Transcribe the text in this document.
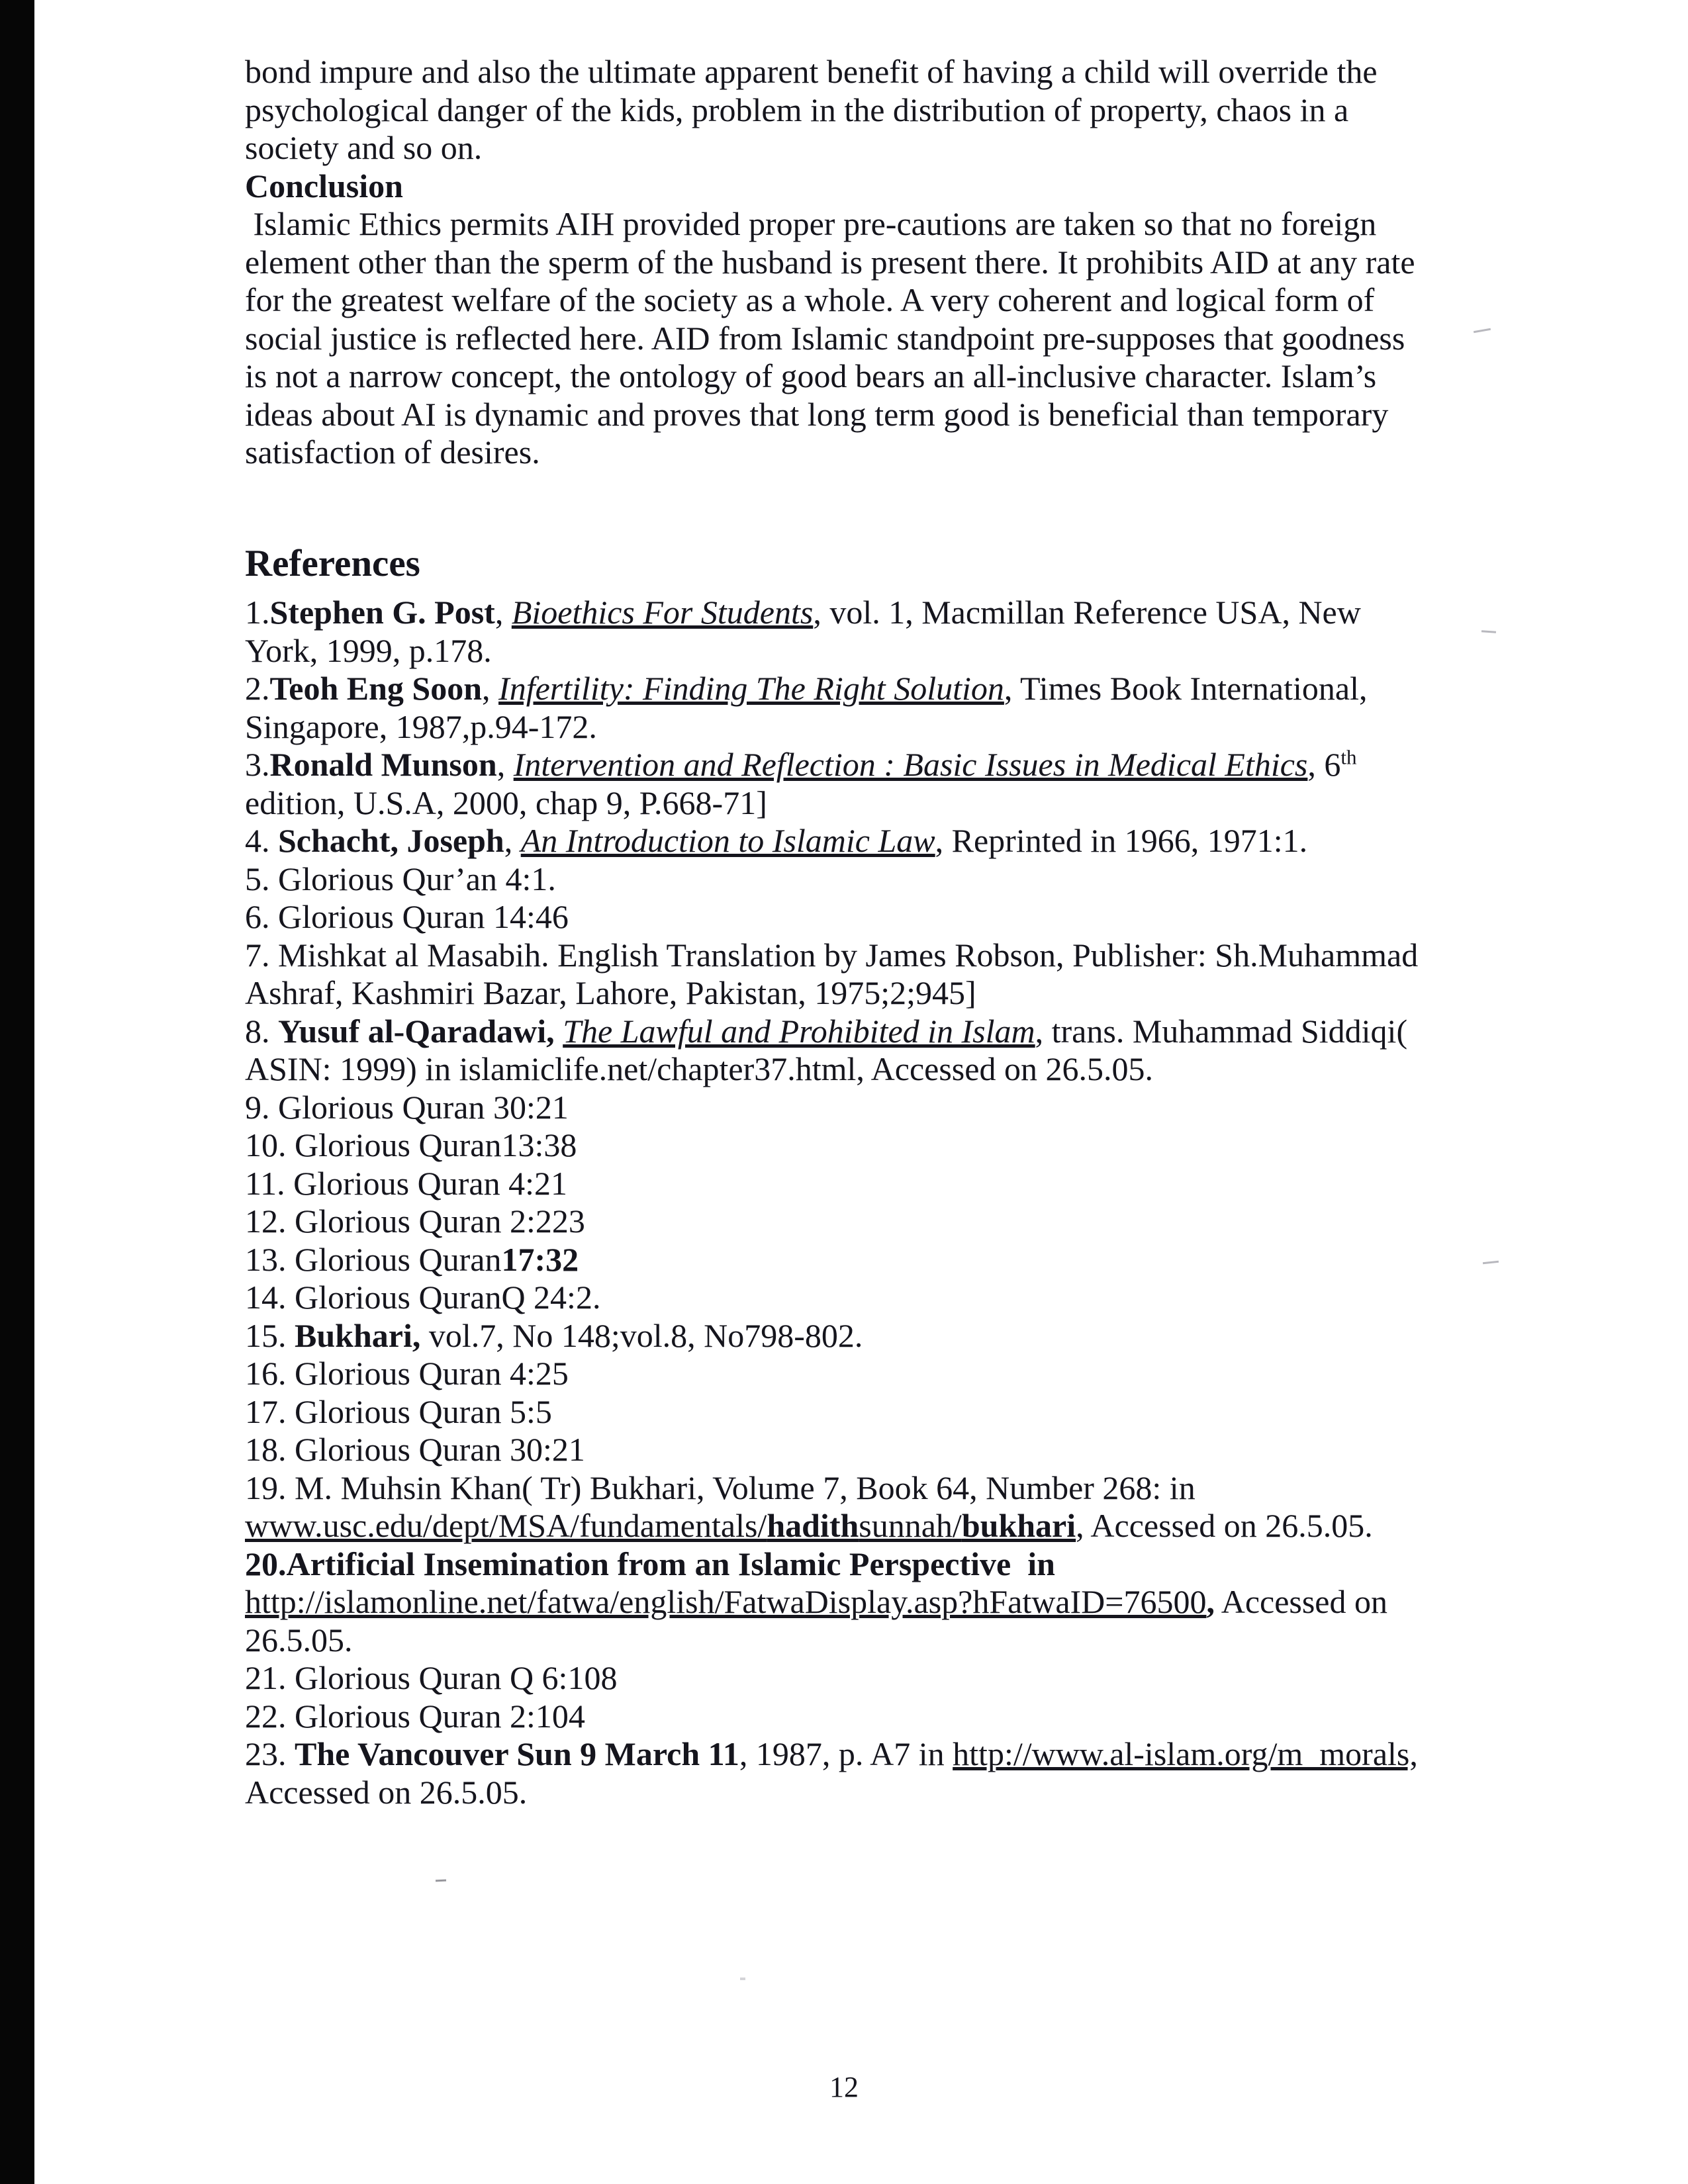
bond impure and also the ultimate apparent benefit of having a child will override the psychological danger of the kids, problem in the distribution of property, chaos in a society and so on.

Conclusion

Islamic Ethics permits AIH provided proper pre-cautions are taken so that no foreign element other than the sperm of the husband is present there. It prohibits AID at any rate for the greatest welfare of the society as a whole. A very coherent and logical form of social justice is reflected here. AID from Islamic standpoint pre-supposes that goodness is not a narrow concept, the ontology of good bears an all-inclusive character. Islam’s ideas about AI is dynamic and proves that long term good is beneficial than temporary satisfaction of desires.

References
1.Stephen G. Post, Bioethics For Students, vol. 1, Macmillan Reference USA, New York, 1999, p.178.
2.Teoh Eng Soon, Infertility: Finding The Right Solution, Times Book International, Singapore, 1987,p.94-172.
3.Ronald Munson, Intervention and Reflection : Basic Issues in Medical Ethics, 6th edition, U.S.A, 2000, chap 9, P.668-71]
4. Schacht, Joseph, An Introduction to Islamic Law, Reprinted in 1966, 1971:1.
5. Glorious Qur’an 4:1.
6. Glorious Quran 14:46
7. Mishkat al Masabih. English Translation by James Robson, Publisher: Sh.Muhammad Ashraf, Kashmiri Bazar, Lahore, Pakistan, 1975;2;945]
8. Yusuf al-Qaradawi, The Lawful and Prohibited in Islam, trans. Muhammad Siddiqi( ASIN: 1999) in islamiclife.net/chapter37.html, Accessed on 26.5.05.
9. Glorious Quran 30:21
10. Glorious Quran13:38
11. Glorious Quran 4:21
12. Glorious Quran 2:223
13. Glorious Quran17:32
14. Glorious QuranQ 24:2.
15. Bukhari, vol.7, No 148;vol.8, No798-802.
16. Glorious Quran 4:25
17. Glorious Quran 5:5
18. Glorious Quran 30:21
19. M. Muhsin Khan( Tr) Bukhari, Volume 7, Book 64, Number 268: in www.usc.edu/dept/MSA/fundamentals/hadithsunnah/bukhari, Accessed on 26.5.05.
20.Artificial Insemination from an Islamic Perspective  in http://islamonline.net/fatwa/english/FatwaDisplay.asp?hFatwaID=76500, Accessed on 26.5.05.
21. Glorious Quran Q 6:108
22. Glorious Quran 2:104
23. The Vancouver Sun 9 March 11, 1987, p. A7 in http://www.al-islam.org/m_morals, Accessed on 26.5.05.
12
